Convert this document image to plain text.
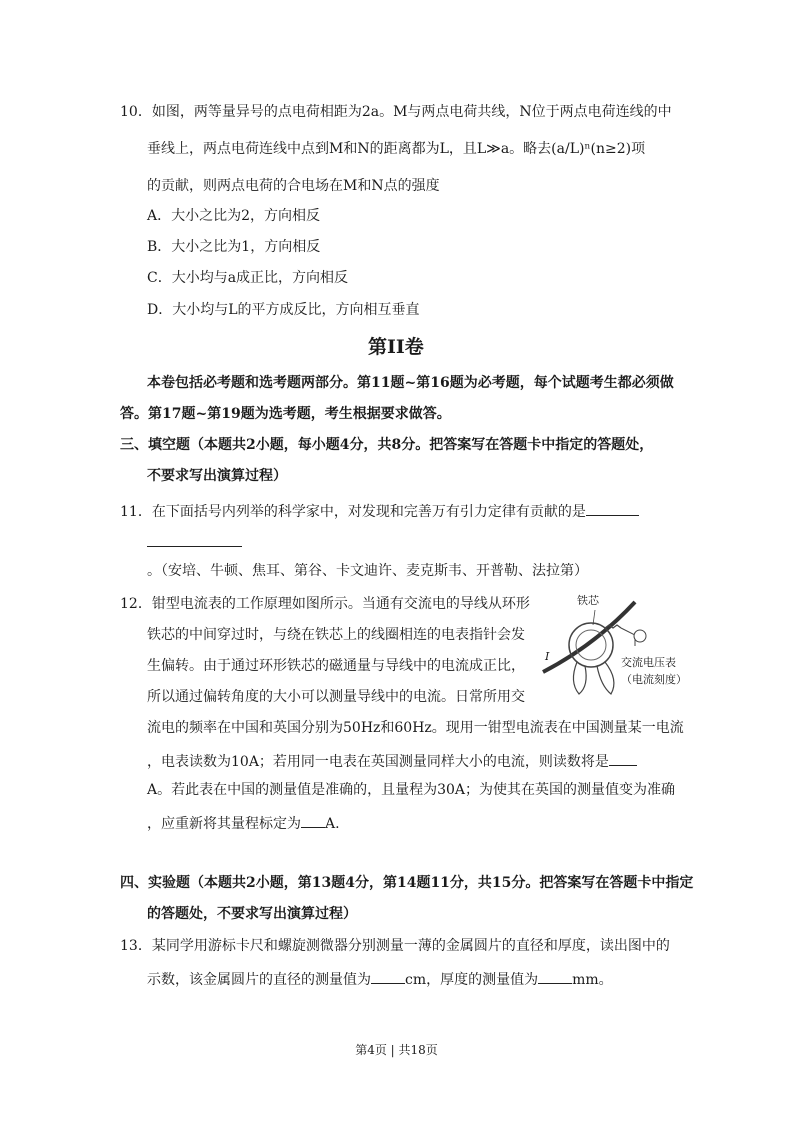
10．如图，两等量异号的点电荷相距为2a。M与两点电荷共线，N位于两点电荷连线的中
垂线上，两点电荷连线中点到M和N的距离都为L，且L≫a。略去(a/L)ⁿ(n≥2)项
的贡献，则两点电荷的合电场在M和N点的强度
A．大小之比为2，方向相反
B．大小之比为1，方向相反
C．大小均与a成正比，方向相反
D．大小均与L的平方成反比，方向相互垂直
第II卷
本卷包括必考题和选考题两部分。第11题~第16题为必考题，每个试题考生都必须做
答。第17题~第19题为选考题，考生根据要求做答。
三、填空题（本题共2小题，每小题4分，共8分。把答案写在答题卡中指定的答题处，
不要求写出演算过程）
11．在下面括号内列举的科学家中，对发现和完善万有引力定律有贡献的是
。（安培、牛顿、焦耳、第谷、卡文迪许、麦克斯韦、开普勒、法拉第）
12．钳型电流表的工作原理如图所示。当通有交流电的导线从环形
铁芯的中间穿过时，与绕在铁芯上的线圈相连的电表指针会发
生偏转。由于通过环形铁芯的磁通量与导线中的电流成正比，
所以通过偏转角度的大小可以测量导线中的电流。日常所用交
流电的频率在中国和英国分别为50Hz和60Hz。现用一钳型电流表在中国测量某一电流
，电表读数为10A；若用同一电表在英国测量同样大小的电流，则读数将是
A。若此表在中国的测量值是准确的，且量程为30A；为使其在英国的测量值变为准确
，应重新将其量程标定为 A.
铁芯
交流电压表
（电流刻度）
I
四、实验题（本题共2小题，第13题4分，第14题11分，共15分。把答案写在答题卡中指定
的答题处，不要求写出演算过程）
13．某同学用游标卡尺和螺旋测微器分别测量一薄的金属圆片的直径和厚度，读出图中的
示数，该金属圆片的直径的测量值为 cm，厚度的测量值为 mm。
第4页 | 共18页
